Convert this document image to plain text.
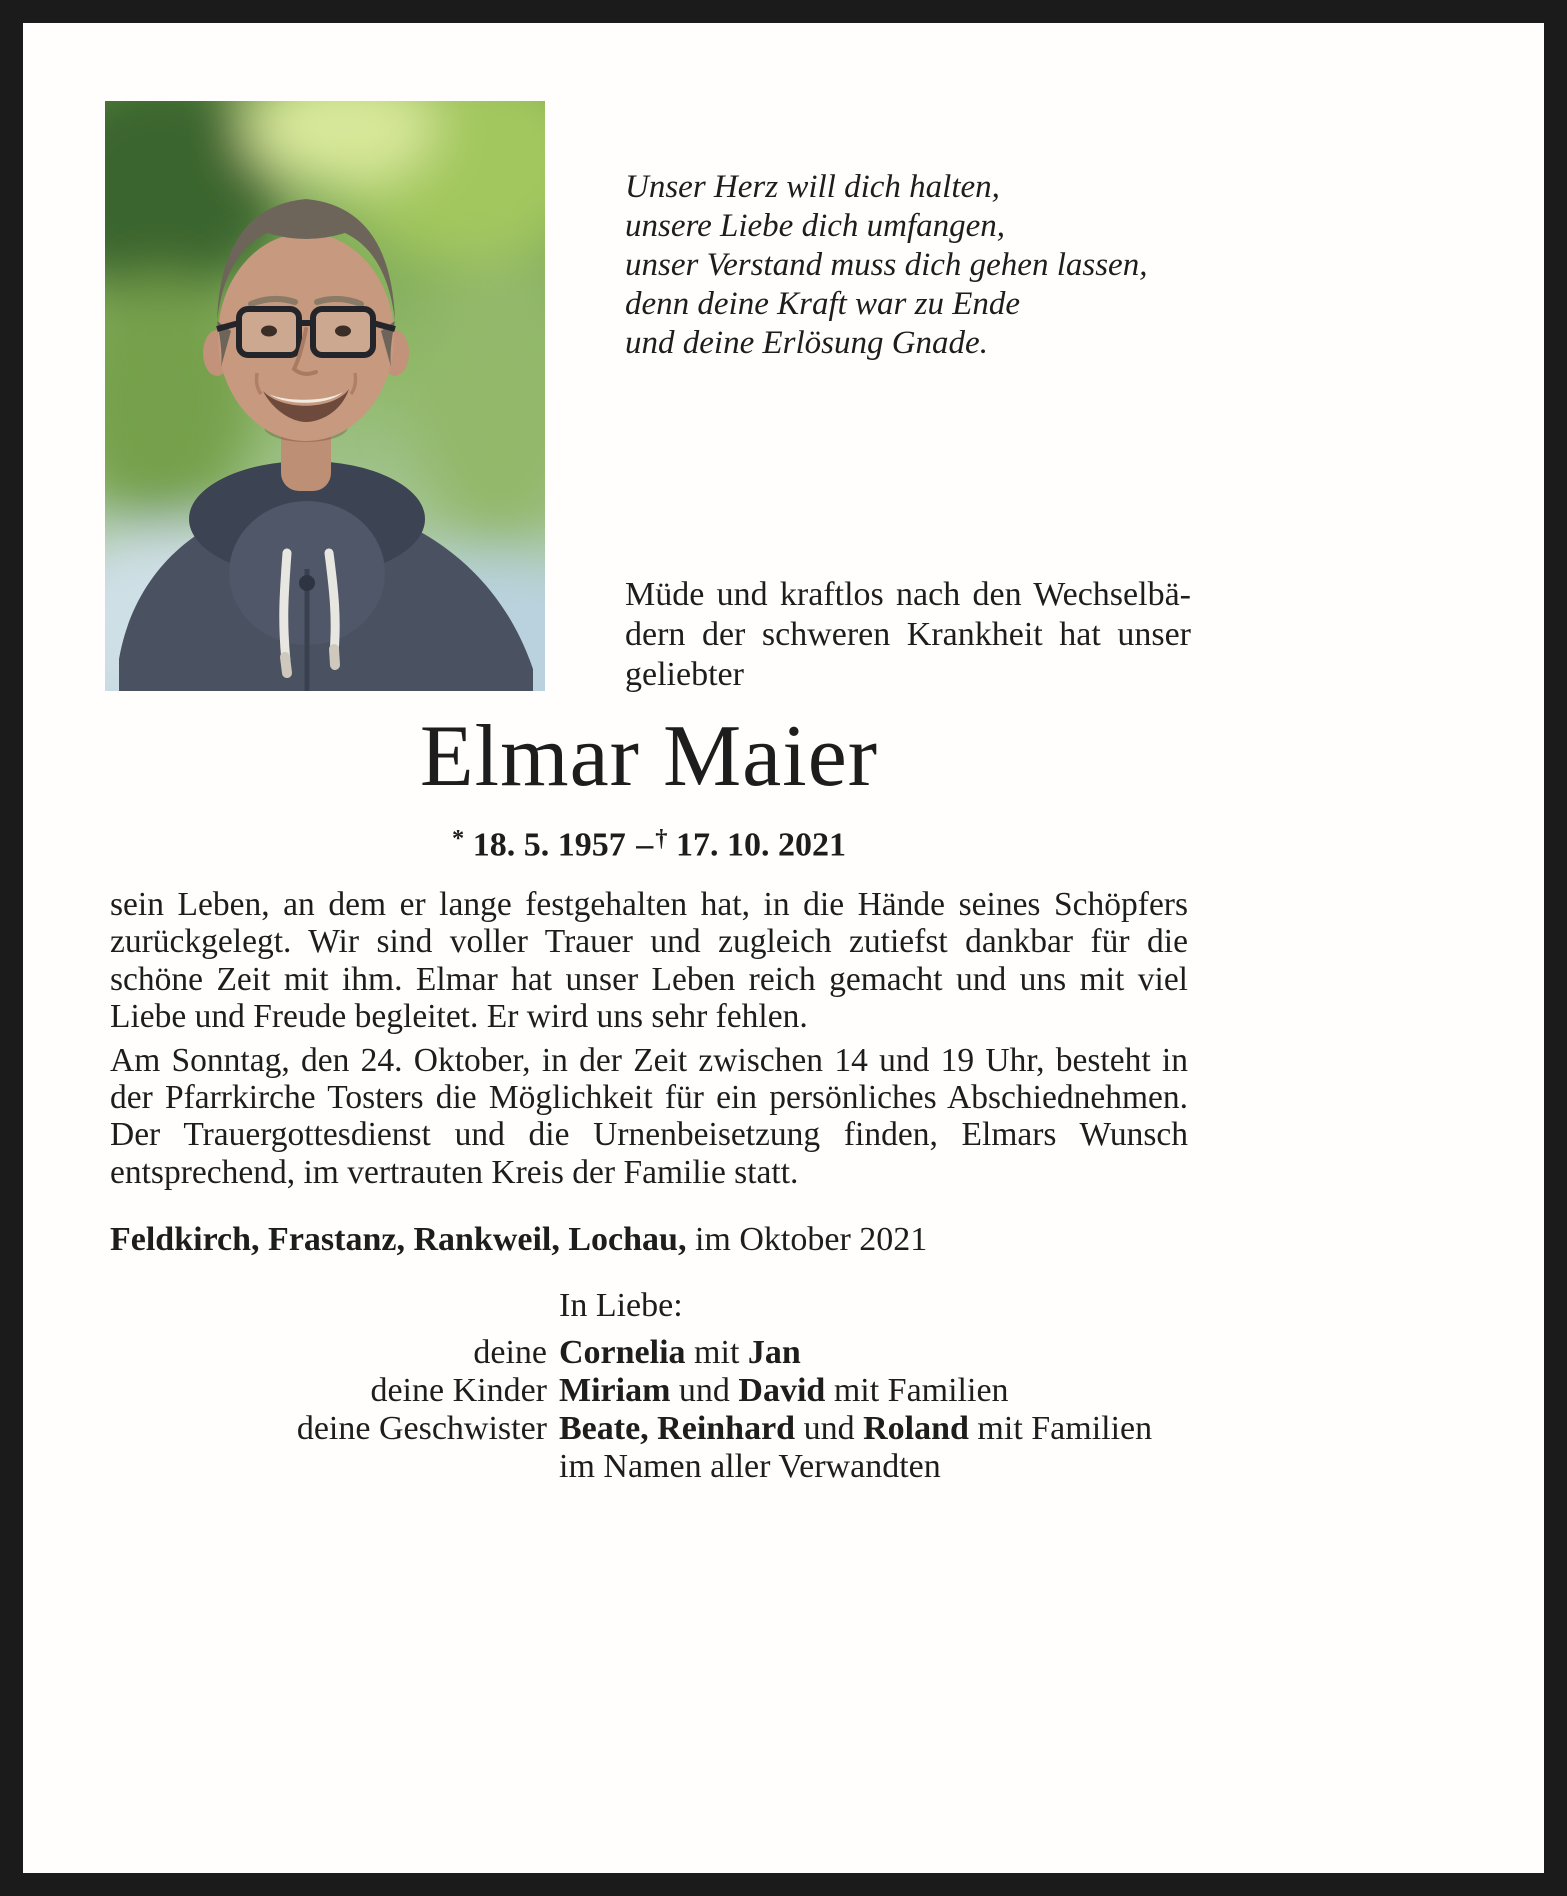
Unser Herz will dich halten,
unsere Liebe dich umfangen,
unser Verstand muss dich gehen lassen,
denn deine Kraft war zu Ende
und deine Erlösung Gnade.
Müde und kraftlos nach den Wechselbä-
dern der schweren Krankheit hat unser
geliebter
Elmar Maier
* 18. 5. 1957 –† 17. 10. 2021

sein Leben, an dem er lange festgehalten hat, in die Hände seines Schöpfers zurückgelegt. Wir sind voller Trauer und zugleich zutiefst dankbar für die schöne Zeit mit ihm. Elmar hat unser Leben reich gemacht und uns mit viel Liebe und Freude begleitet. Er wird uns sehr fehlen.

Am Sonntag, den 24. Oktober, in der Zeit zwischen 14 und 19 Uhr, besteht in der Pfarrkirche Tosters die Möglichkeit für ein persönliches Abschiednehmen. Der Trauergottesdienst und die Urnenbeisetzung finden, Elmars Wunsch entsprechend, im vertrauten Kreis der Familie statt.

Feldkirch, Frastanz, Rankweil, Lochau, im Oktober 2021
In Liebe:
deine Cornelia mit Jan
deine Kinder Miriam und David mit Familien
deine Geschwister Beate, Reinhard und Roland mit Familien
im Namen aller Verwandten
